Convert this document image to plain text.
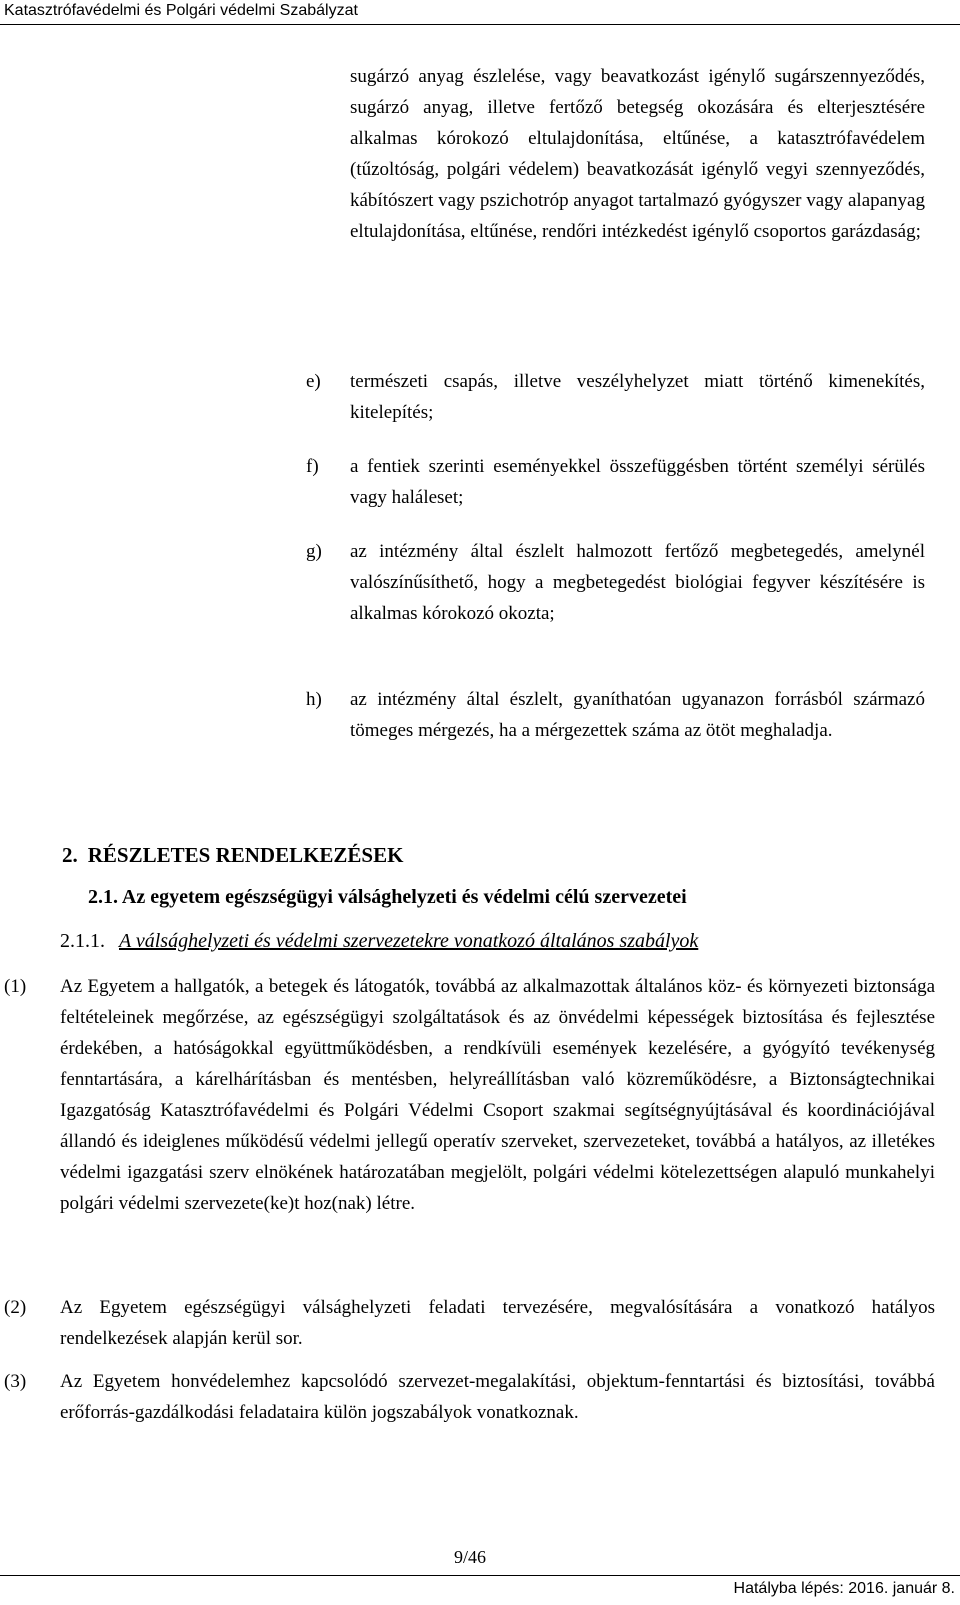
Katasztrófavédelmi és Polgári védelmi Szabályzat
sugárzó anyag észlelése, vagy beavatkozást igénylő sugárszennyeződés, sugárzó anyag, illetve fertőző betegség okozására és elterjesztésére alkalmas kórokozó eltulajdonítása, eltűnése, a katasztrófavédelem (tűzoltóság, polgári védelem) beavatkozását igénylő vegyi szennyeződés, kábítószert vagy pszichotróp anyagot tartalmazó gyógyszer vagy alapanyag eltulajdonítása, eltűnése, rendőri intézkedést igénylő csoportos garázdaság;
e) természeti csapás, illetve veszélyhelyzet miatt történő kimenekítés, kitelepítés;
f) a fentiek szerinti eseményekkel összefüggésben történt személyi sérülés vagy haláleset;
g) az intézmény által észlelt halmozott fertőző megbetegedés, amelynél valószínűsíthető, hogy a megbetegedést biológiai fegyver készítésére is alkalmas kórokozó okozta;
h) az intézmény által észlelt, gyaníthatóan ugyanazon forrásból származó tömeges mérgezés, ha a mérgezettek száma az ötöt meghaladja.
2. RÉSZLETES RENDELKEZÉSEK
2.1. Az egyetem egészségügyi válsághelyzeti és védelmi célú szervezetei
2.1.1. A válsághelyzeti és védelmi szervezetekre vonatkozó általános szabályok
(1) Az Egyetem a hallgatók, a betegek és látogatók, továbbá az alkalmazottak általános köz- és környezeti biztonsága feltételeinek megőrzése, az egészségügyi szolgáltatások és az önvédelmi képességek biztosítása és fejlesztése érdekében, a hatóságokkal együttműködésben, a rendkívüli események kezelésére, a gyógyító tevékenység fenntartására, a kárelhárításban és mentésben, helyreállításban való közreműködésre, a Biztonságtechnikai Igazgatóság Katasztrófavédelmi és Polgári Védelmi Csoport szakmai segítségnyújtásával és koordinációjával állandó és ideiglenes működésű védelmi jellegű operatív szerveket, szervezeteket, továbbá a hatályos, az illetékes védelmi igazgatási szerv elnökének határozatában megjelölt, polgári védelmi kötelezettségen alapuló munkahelyi polgári védelmi szervezete(ke)t hoz(nak) létre.
(2) Az Egyetem egészségügyi válsághelyzeti feladati tervezésére, megvalósítására a vonatkozó hatályos rendelkezések alapján kerül sor.
(3) Az Egyetem honvédelemhez kapcsolódó szervezet-megalakítási, objektum-fenntartási és biztosítási, továbbá erőforrás-gazdálkodási feladataira külön jogszabályok vonatkoznak.
9/46
Hatályba lépés: 2016. január 8.
